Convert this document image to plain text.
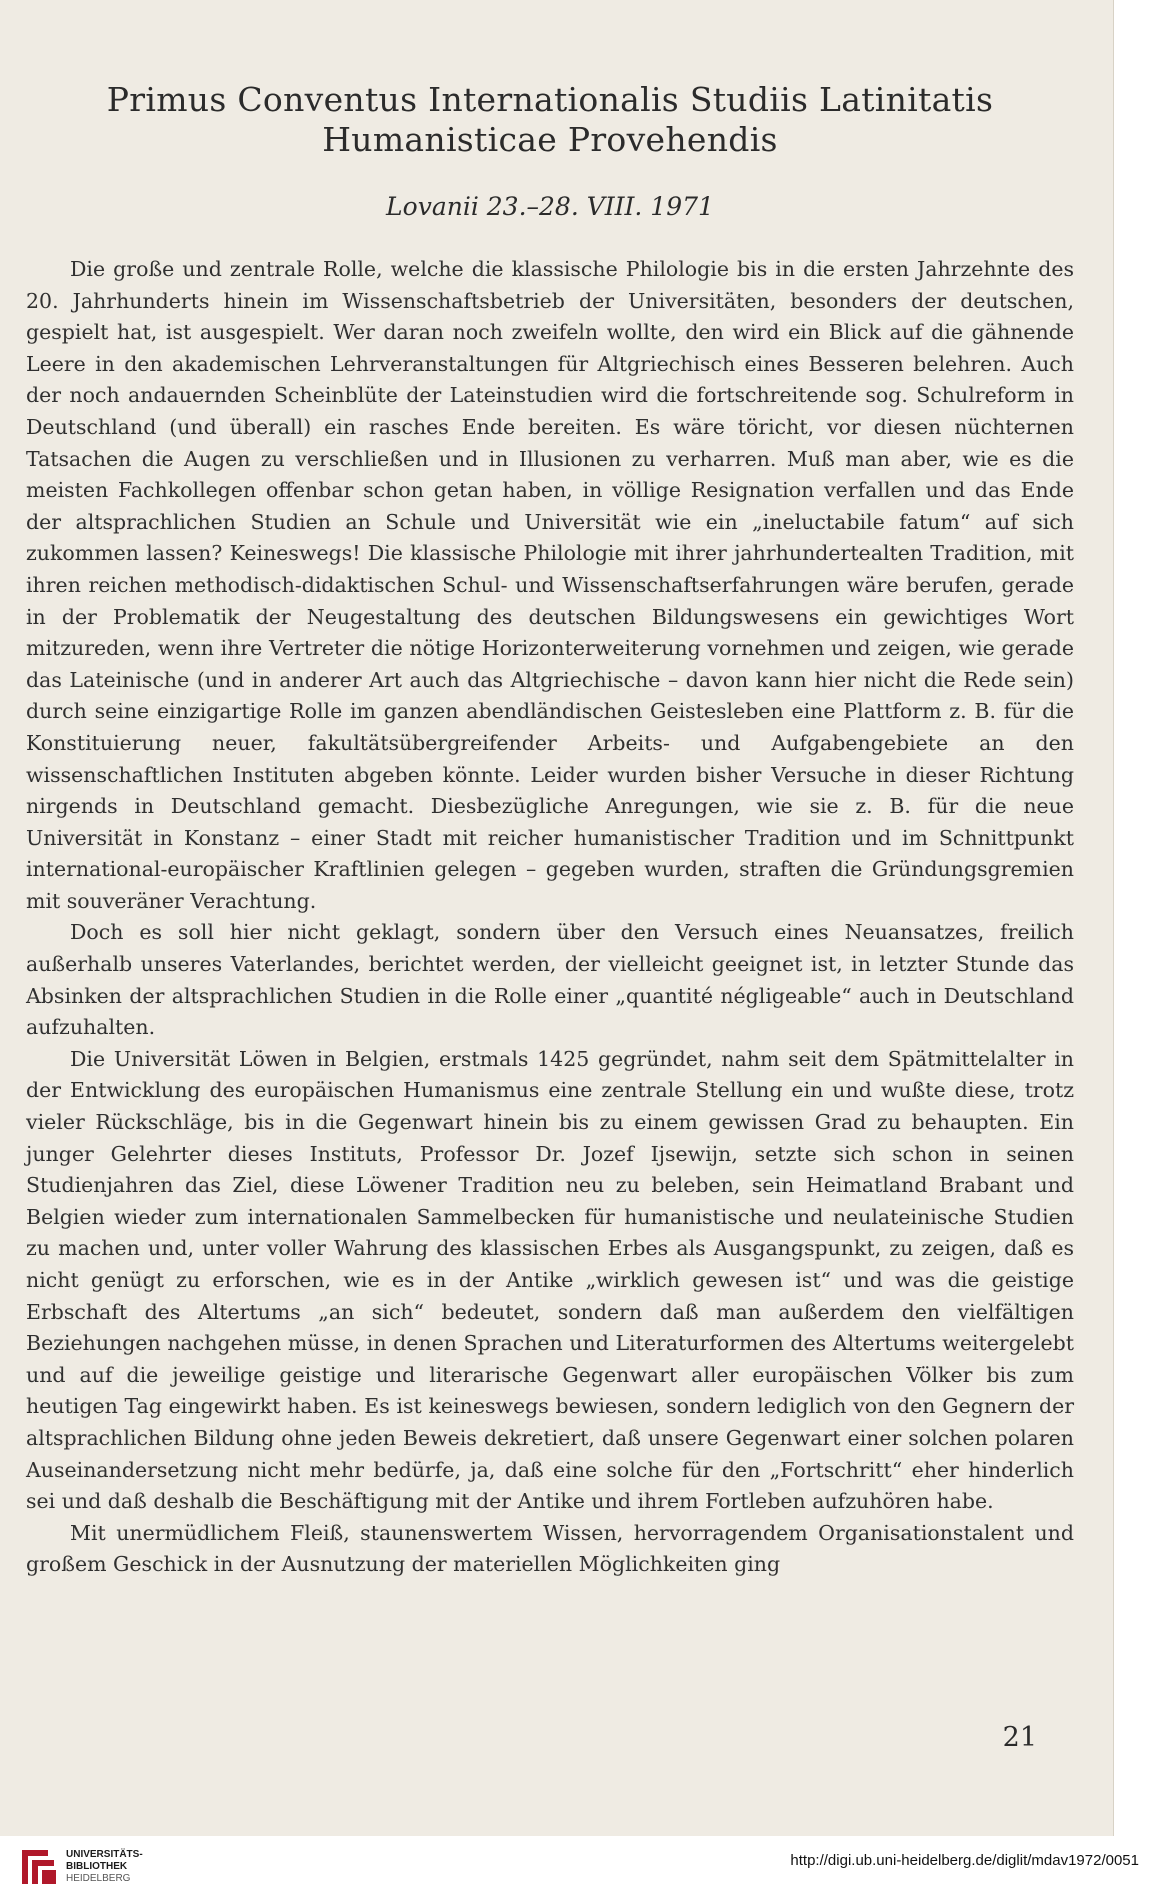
Primus Conventus Internationalis Studiis Latinitatis
Humanisticae Provehendis
Lovanii 23.–28. VIII. 1971

Die große und zentrale Rolle, welche die klassische Philologie bis in die ersten Jahrzehnte des 20. Jahrhunderts hinein im Wissenschaftsbetrieb der Universitäten, besonders der deutschen, gespielt hat, ist ausgespielt. Wer daran noch zweifeln wollte, den wird ein Blick auf die gähnende Leere in den akademischen Lehrveranstaltungen für Altgriechisch eines Besseren belehren. Auch der noch andauernden Scheinblüte der Lateinstudien wird die fortschreitende sog. Schulreform in Deutschland (und überall) ein rasches Ende bereiten. Es wäre töricht, vor diesen nüchternen Tatsachen die Augen zu verschließen und in Illusionen zu verharren. Muß man aber, wie es die meisten Fachkollegen offenbar schon getan haben, in völlige Resignation verfallen und das Ende der altsprachlichen Studien an Schule und Universität wie ein „ineluctabile fatum“ auf sich zukommen lassen? Keineswegs! Die klassische Philologie mit ihrer jahrhundertealten Tradition, mit ihren reichen methodisch-didaktischen Schul- und Wissenschaftserfahrungen wäre berufen, gerade in der Problematik der Neugestaltung des deutschen Bildungswesens ein gewichtiges Wort mitzureden, wenn ihre Vertreter die nötige Horizonterweiterung vornehmen und zeigen, wie gerade das Lateinische (und in anderer Art auch das Altgriechische – davon kann hier nicht die Rede sein) durch seine einzigartige Rolle im ganzen abendländischen Geistesleben eine Plattform z. B. für die Konstituierung neuer, fakultätsübergreifender Arbeits- und Aufgabengebiete an den wissenschaftlichen Instituten abgeben könnte. Leider wurden bisher Versuche in dieser Richtung nirgends in Deutschland gemacht. Diesbezügliche Anregungen, wie sie z. B. für die neue Universität in Konstanz – einer Stadt mit reicher humanistischer Tradition und im Schnittpunkt international-europäischer Kraftlinien gelegen – gegeben wurden, straften die Gründungsgremien mit souveräner Verachtung.

Doch es soll hier nicht geklagt, sondern über den Versuch eines Neuansatzes, freilich außerhalb unseres Vaterlandes, berichtet werden, der vielleicht geeignet ist, in letzter Stunde das Absinken der altsprachlichen Studien in die Rolle einer „quantité négligeable“ auch in Deutschland aufzuhalten.

Die Universität Löwen in Belgien, erstmals 1425 gegründet, nahm seit dem Spätmittelalter in der Entwicklung des europäischen Humanismus eine zentrale Stellung ein und wußte diese, trotz vieler Rückschläge, bis in die Gegenwart hinein bis zu einem gewissen Grad zu behaupten. Ein junger Gelehrter dieses Instituts, Professor Dr. Jozef Ijsewijn, setzte sich schon in seinen Studienjahren das Ziel, diese Löwener Tradition neu zu beleben, sein Heimatland Brabant und Belgien wieder zum internationalen Sammelbecken für humanistische und neulateinische Studien zu machen und, unter voller Wahrung des klassischen Erbes als Ausgangspunkt, zu zeigen, daß es nicht genügt zu erforschen, wie es in der Antike „wirklich gewesen ist“ und was die geistige Erbschaft des Altertums „an sich“ bedeutet, sondern daß man außerdem den vielfältigen Beziehungen nachgehen müsse, in denen Sprachen und Literaturformen des Altertums weitergelebt und auf die jeweilige geistige und literarische Gegenwart aller europäischen Völker bis zum heutigen Tag eingewirkt haben. Es ist keineswegs bewiesen, sondern lediglich von den Gegnern der altsprachlichen Bildung ohne jeden Beweis dekretiert, daß unsere Gegenwart einer solchen polaren Auseinandersetzung nicht mehr bedürfe, ja, daß eine solche für den „Fortschritt“ eher hinderlich sei und daß deshalb die Beschäftigung mit der Antike und ihrem Fortleben aufzuhören habe.

Mit unermüdlichem Fleiß, staunenswertem Wissen, hervorragendem Organisationstalent und großem Geschick in der Ausnutzung der materiellen Möglichkeiten ging

21
UNIVERSITÄTS-
BIBLIOTHEK
HEIDELBERG
http://digi.ub.uni-heidelberg.de/diglit/mdav1972/0051
